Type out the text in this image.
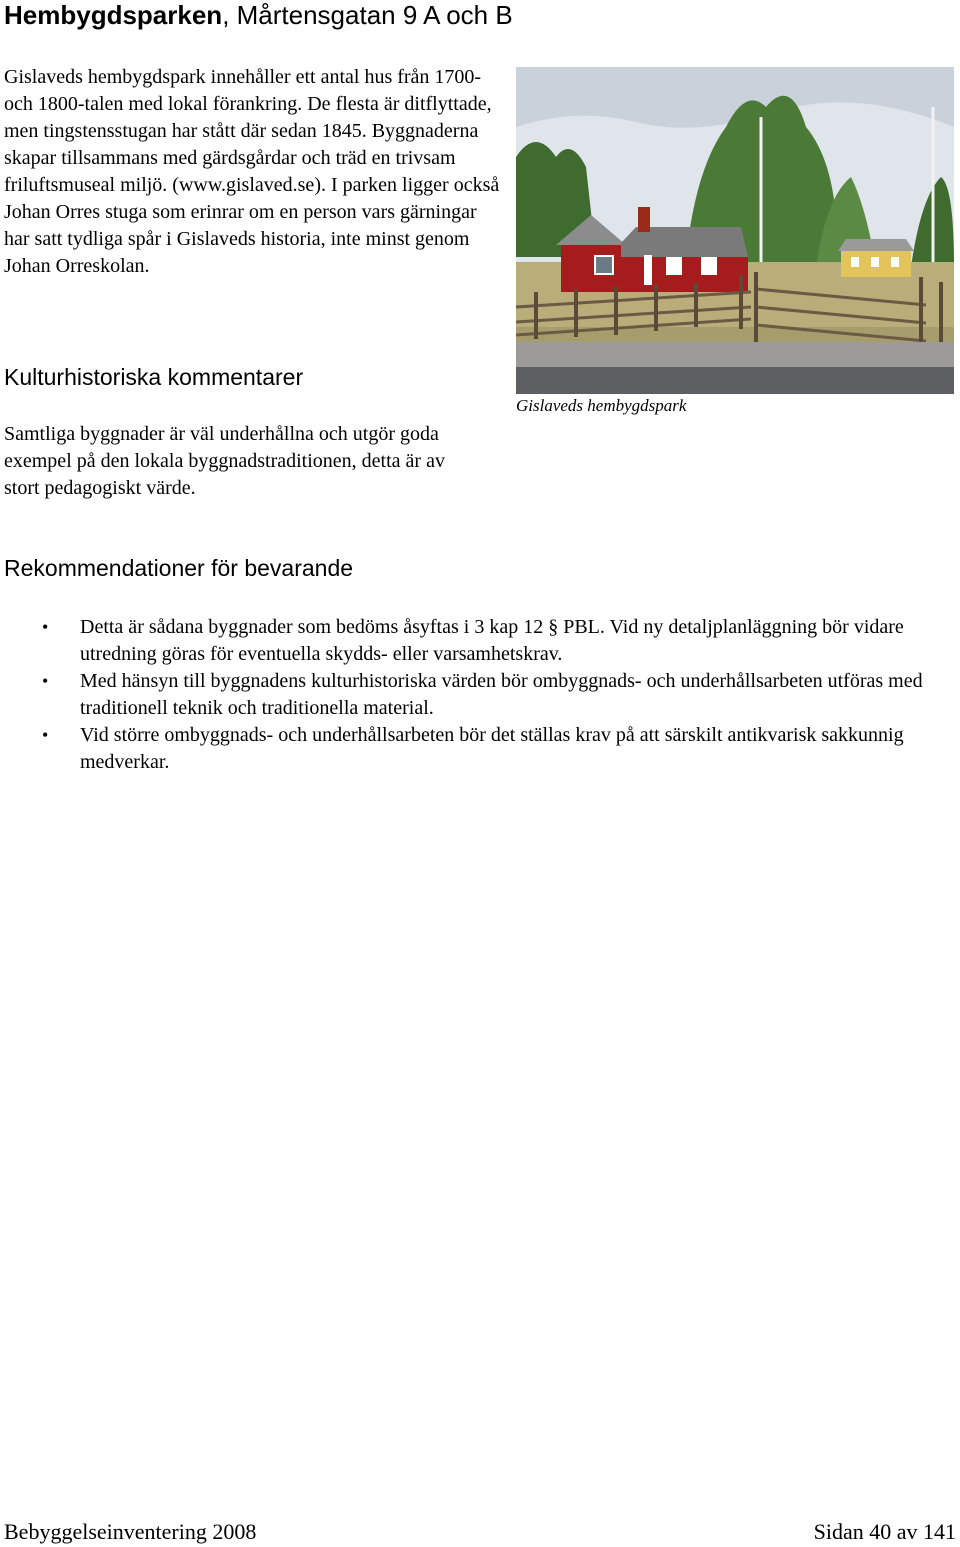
Hembygdsparken, Mårtensgatan 9 A och B
Gislaveds hembygdspark innehåller ett antal hus från 1700- och 1800-talen med lokal förankring. De flesta är ditflyttade, men tingstensstugan har stått där sedan 1845. Byggnaderna skapar tillsammans med gärdsgårdar och träd en trivsam friluftsmuseal miljö. (www.gislaved.se). I parken ligger också Johan Orres stuga som erinrar om en person vars gärningar har satt tydliga spår i Gislaveds historia, inte minst genom Johan Orreskolan.
Gislaveds hembygdspark
Kulturhistoriska kommentarer
Samtliga byggnader är väl underhållna och utgör goda exempel på den lokala byggnadstraditionen, detta är av stort pedagogiskt värde.
Rekommendationer för bevarande
• Detta är sådana byggnader som bedöms åsyftas i 3 kap 12 § PBL. Vid ny detaljplanläggning bör vidare utredning göras för eventuella skydds- eller varsamhetskrav.
• Med hänsyn till byggnadens kulturhistoriska värden bör ombyggnads- och underhållsarbeten utföras med traditionell teknik och traditionella material.
• Vid större ombyggnads- och underhållsarbeten bör det ställas krav på att särskilt antikvarisk sakkunnig medverkar.
Bebyggelseinventering 2008	Sidan 40 av 141
